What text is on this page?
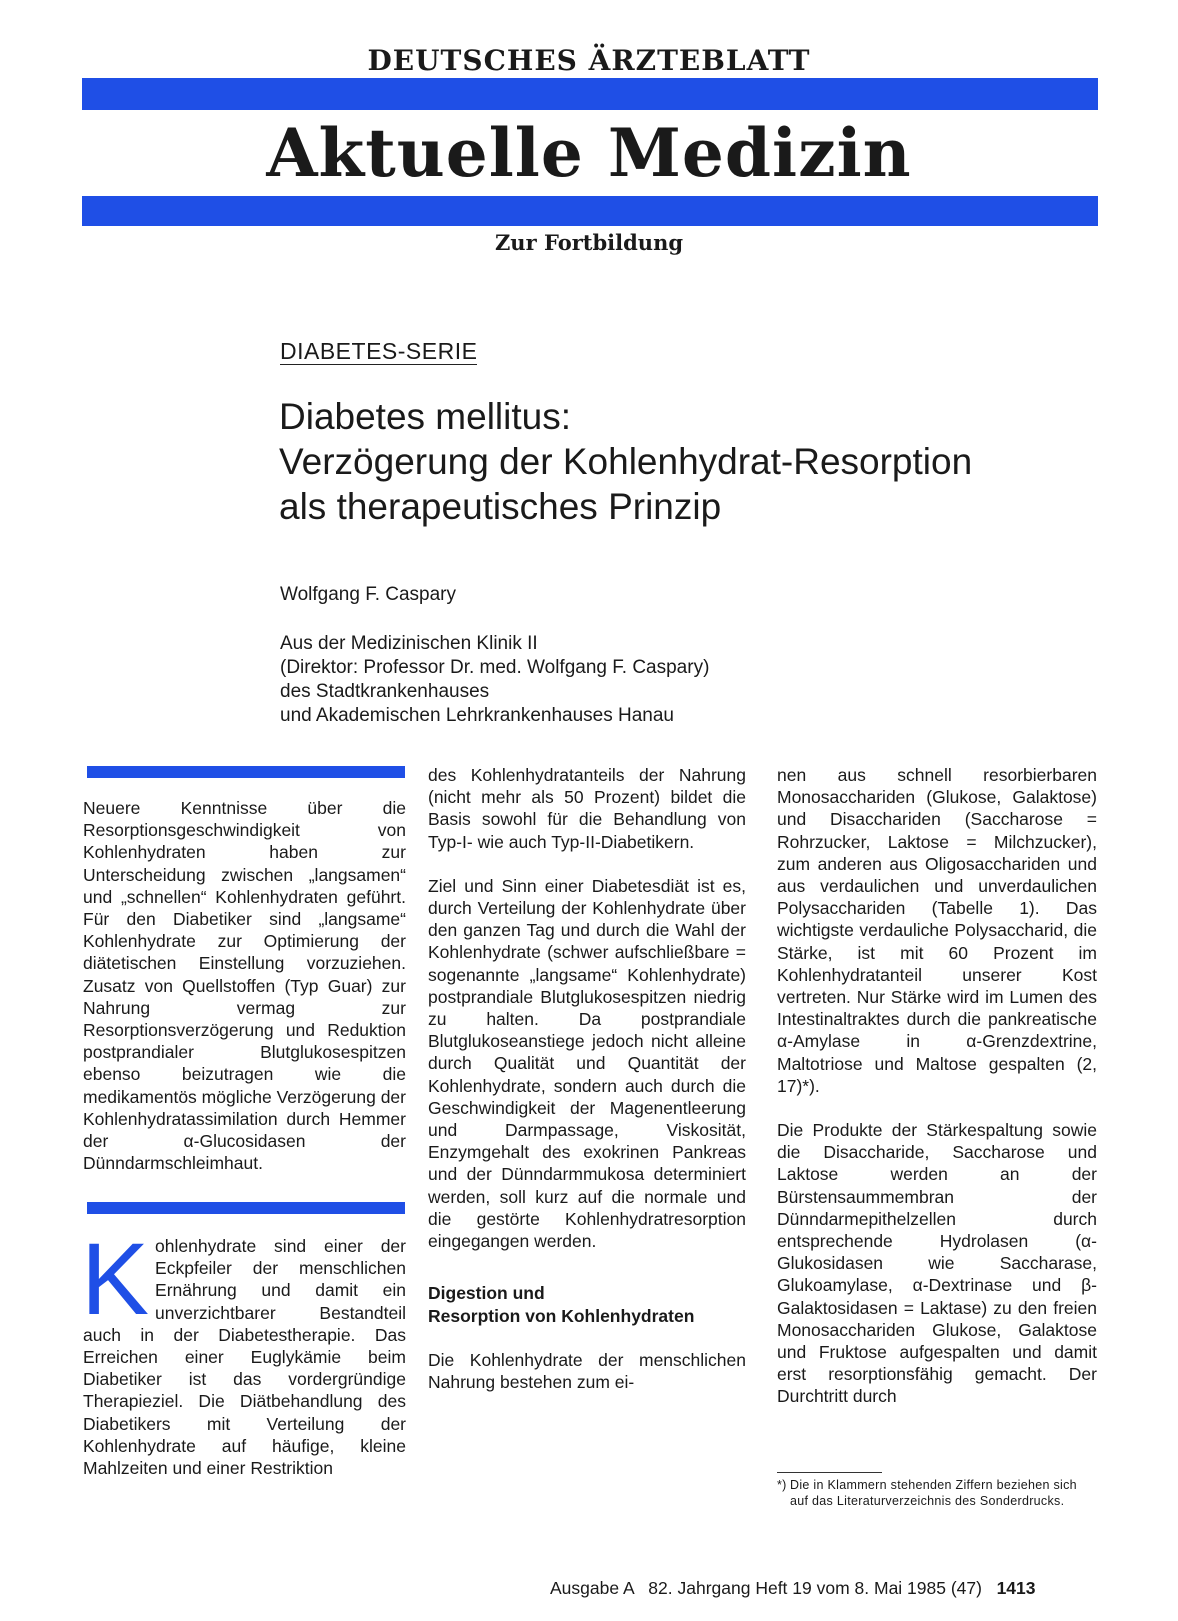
DEUTSCHES ÄRZTEBLATT
Aktuelle Medizin
Zur Fortbildung
DIABETES-SERIE
Diabetes mellitus:
Verzögerung der Kohlenhydrat-Resorption
als therapeutisches Prinzip
Wolfgang F. Caspary
Aus der Medizinischen Klinik II
(Direktor: Professor Dr. med. Wolfgang F. Caspary)
des Stadtkrankenhauses
und Akademischen Lehrkrankenhauses Hanau

Neuere Kenntnisse über die Resorptionsgeschwindigkeit von Kohlenhydraten haben zur Unterscheidung zwischen „langsamen“ und „schnellen“ Kohlenhydraten geführt. Für den Diabetiker sind „langsame“ Kohlenhydrate zur Optimierung der diätetischen Einstellung vorzuziehen. Zusatz von Quellstoffen (Typ Guar) zur Nahrung vermag zur Resorptionsverzögerung und Reduktion postprandialer Blutglukosespitzen ebenso beizutragen wie die medikamentös mögliche Verzögerung der Kohlenhydratassimilation durch Hemmer der α-Glucosidasen der Dünndarmschleimhaut.

K ohlenhydrate sind einer der Eckpfeiler der menschlichen Ernährung und damit ein unverzichtbarer Bestandteil auch in der Diabetestherapie. Das Erreichen einer Euglykämie beim Diabetiker ist das vordergründige Therapieziel. Die Diätbehandlung des Diabetikers mit Verteilung der Kohlenhydrate auf häufige, kleine Mahlzeiten und einer Restriktion

des Kohlenhydratanteils der Nahrung (nicht mehr als 50 Prozent) bildet die Basis sowohl für die Behandlung von Typ-I- wie auch Typ-II-Diabetikern.

Ziel und Sinn einer Diabetesdiät ist es, durch Verteilung der Kohlenhydrate über den ganzen Tag und durch die Wahl der Kohlenhydrate (schwer aufschließbare = sogenannte „langsame“ Kohlenhydrate) postprandiale Blutglukosespitzen niedrig zu halten. Da postprandiale Blutglukoseanstiege jedoch nicht alleine durch Qualität und Quantität der Kohlenhydrate, sondern auch durch die Geschwindigkeit der Magenentleerung und Darmpassage, Viskosität, Enzymgehalt des exokrinen Pankreas und der Dünndarmmukosa determiniert werden, soll kurz auf die normale und die gestörte Kohlenhydratresorption eingegangen werden.

Digestion und
Resorption von Kohlenhydraten

Die Kohlenhydrate der menschlichen Nahrung bestehen zum ei-

nen aus schnell resorbierbaren Monosacchariden (Glukose, Galaktose) und Disacchariden (Saccharose = Rohrzucker, Laktose = Milchzucker), zum anderen aus Oligosacchariden und aus verdaulichen und unverdaulichen Polysacchariden (Tabelle 1). Das wichtigste verdauliche Polysaccharid, die Stärke, ist mit 60 Prozent im Kohlenhydratanteil unserer Kost vertreten. Nur Stärke wird im Lumen des Intestinaltraktes durch die pankreatische α-Amylase in α-Grenzdextrine, Maltotriose und Maltose gespalten (2, 17)*).

Die Produkte der Stärkespaltung sowie die Disaccharide, Saccharose und Laktose werden an der Bürstensaummembran der Dünndarmepithelzellen durch entsprechende Hydrolasen (α-Glukosidasen wie Saccharase, Glukoamylase, α-Dextrinase und β-Galaktosidasen = Laktase) zu den freien Monosacchariden Glukose, Galaktose und Fruktose aufgespalten und damit erst resorptionsfähig gemacht. Der Durchtritt durch

*) Die in Klammern stehenden Ziffern beziehen sich auf das Literaturverzeichnis des Sonderdrucks.
Ausgabe A 82. Jahrgang Heft 19 vom 8. Mai 1985 (47) 1413
